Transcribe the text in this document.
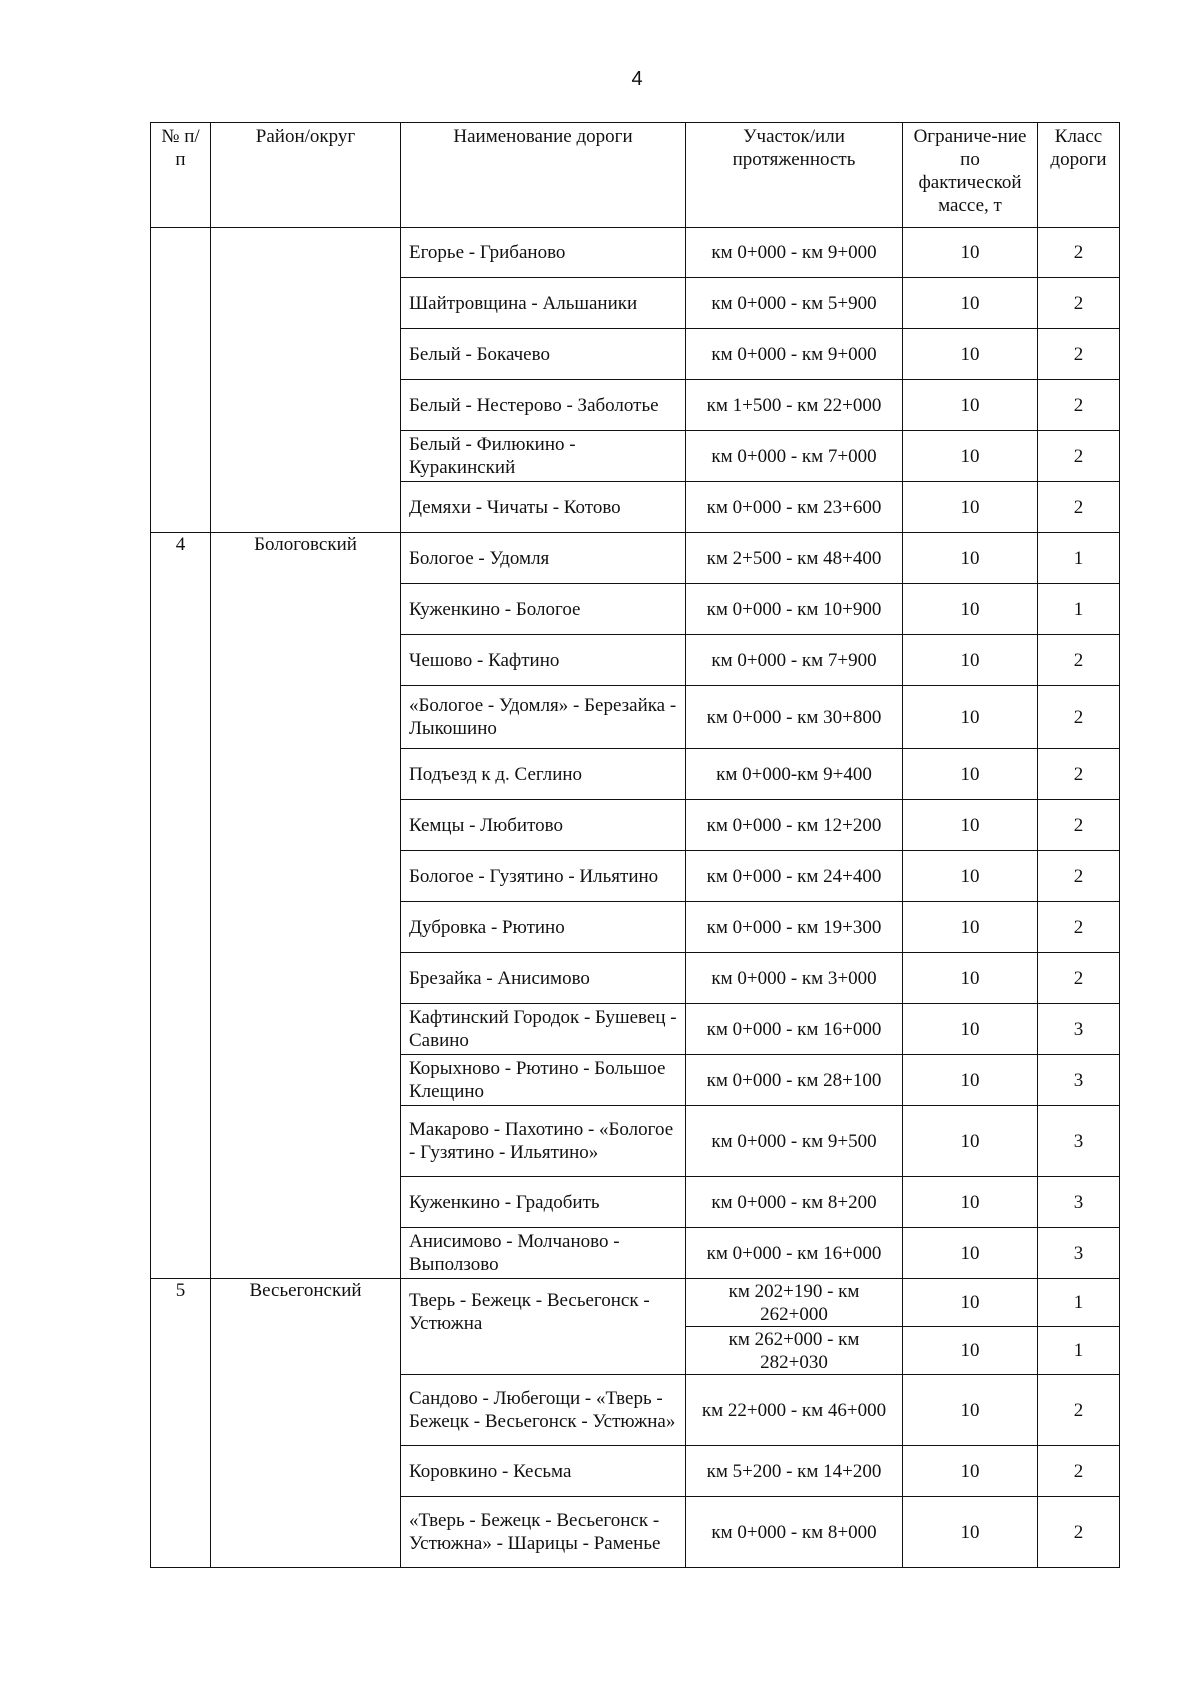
4
№ п/п	Район/округ	Наименование дороги	Участок/или протяженность	Ограниче-ние по фактической массе, т	Класс дороги
		Егорье - Грибаново	км 0+000 - км 9+000	10	2
		Шайтровщина - Альшаники	км 0+000 - км 5+900	10	2
		Белый - Бокачево	км 0+000 - км 9+000	10	2
		Белый - Нестерово - Заболотье	км 1+500 - км 22+000	10	2
		Белый - Филюкино - Куракинский	км 0+000 - км 7+000	10	2
		Демяхи - Чичаты - Котово	км 0+000 - км 23+600	10	2
4	Бологовский	Бологое - Удомля	км 2+500 - км 48+400	10	1
		Куженкино - Бологое	км 0+000 - км 10+900	10	1
		Чешово - Кафтино	км 0+000 - км 7+900	10	2
		«Бологое - Удомля» - Березайка - Лыкошино	км 0+000 - км 30+800	10	2
		Подъезд к д. Сеглино	км 0+000-км 9+400	10	2
		Кемцы - Любитово	км 0+000 - км 12+200	10	2
		Бологое - Гузятино - Ильятино	км 0+000 - км 24+400	10	2
		Дубровка - Рютино	км 0+000 - км 19+300	10	2
		Брезайка - Анисимово	км 0+000 - км 3+000	10	2
		Кафтинский Городок - Бушевец - Савино	км 0+000 - км 16+000	10	3
		Корыхново - Рютино - Большое Клещино	км 0+000 - км 28+100	10	3
		Макарово - Пахотино - «Бологое - Гузятино - Ильятино»	км 0+000 - км 9+500	10	3
		Куженкино - Градобить	км 0+000 - км 8+200	10	3
		Анисимово - Молчаново - Выползово	км 0+000 - км 16+000	10	3
5	Весьегонский	Тверь - Бежецк - Весьегонск - Устюжна	км 202+190 - км 262+000	10	1
			км 262+000 - км 282+030	10	1
		Сандово - Любегощи - «Тверь - Бежецк - Весьегонск - Устюжна»	км 22+000 - км 46+000	10	2
		Коровкино - Кесьма	км 5+200 - км 14+200	10	2
		«Тверь - Бежецк - Весьегонск - Устюжна» - Шарицы - Раменье	км 0+000 - км 8+000	10	2
